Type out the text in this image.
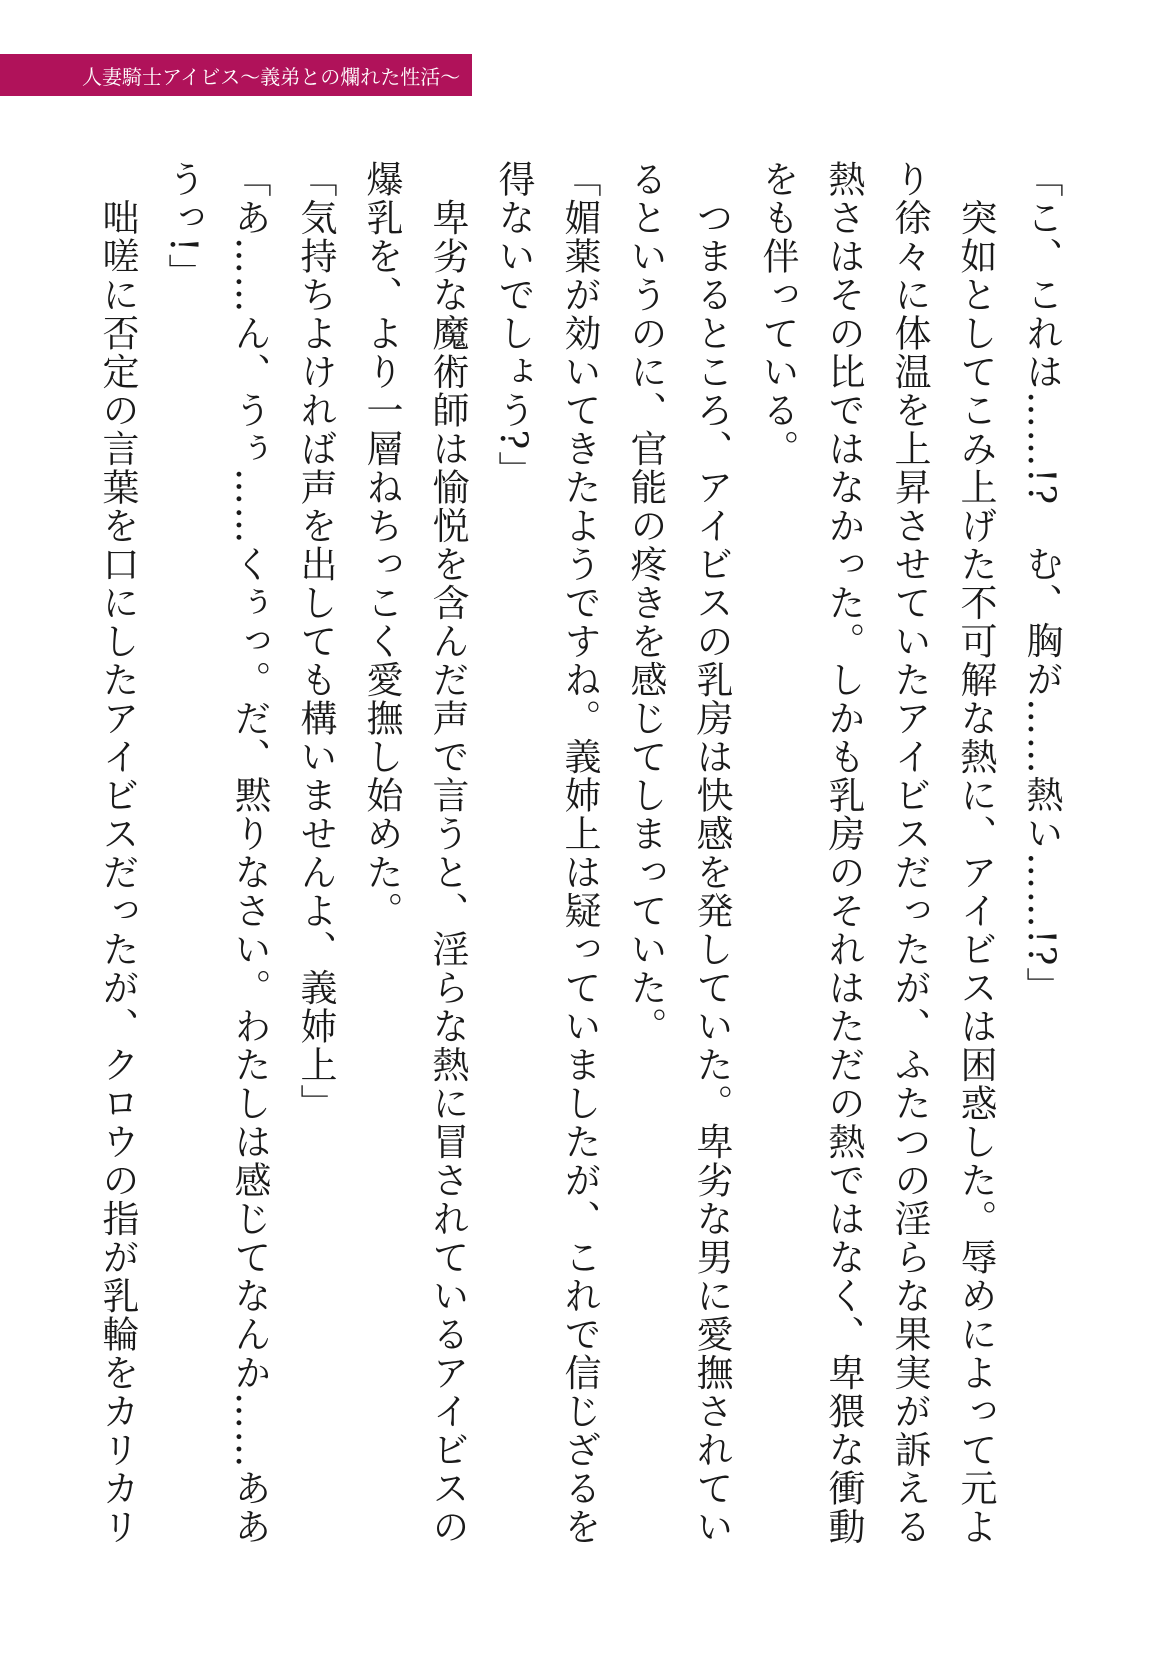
人妻騎士アイビス〜義弟との爛れた性活〜
「こ、これは……!?　む、胸が……熱い……!?」
　突如としてこみ上げた不可解な熱に、アイビスは困惑した。辱めによって元よ
り徐々に体温を上昇させていたアイビスだったが、ふたつの淫らな果実が訴える
熱さはその比ではなかった。しかも乳房のそれはただの熱ではなく、卑猥な衝動
をも伴っている。
　つまるところ、アイビスの乳房は快感を発していた。卑劣な男に愛撫されてい
るというのに、官能の疼きを感じてしまっていた。
「媚薬が効いてきたようですね。義姉上は疑っていましたが、これで信じざるを
得ないでしょう?」
　卑劣な魔術師は愉悦を含んだ声で言うと、淫らな熱に冒されているアイビスの
爆乳を、より一層ねちっこく愛撫し始めた。
「気持ちよければ声を出しても構いませんよ、義姉上」
「あ……ん、うぅ……くぅっ。だ、黙りなさい。わたしは感じてなんか……ああ
うっ!」
　咄嗟に否定の言葉を口にしたアイビスだったが、クロウの指が乳輪をカリカリ
